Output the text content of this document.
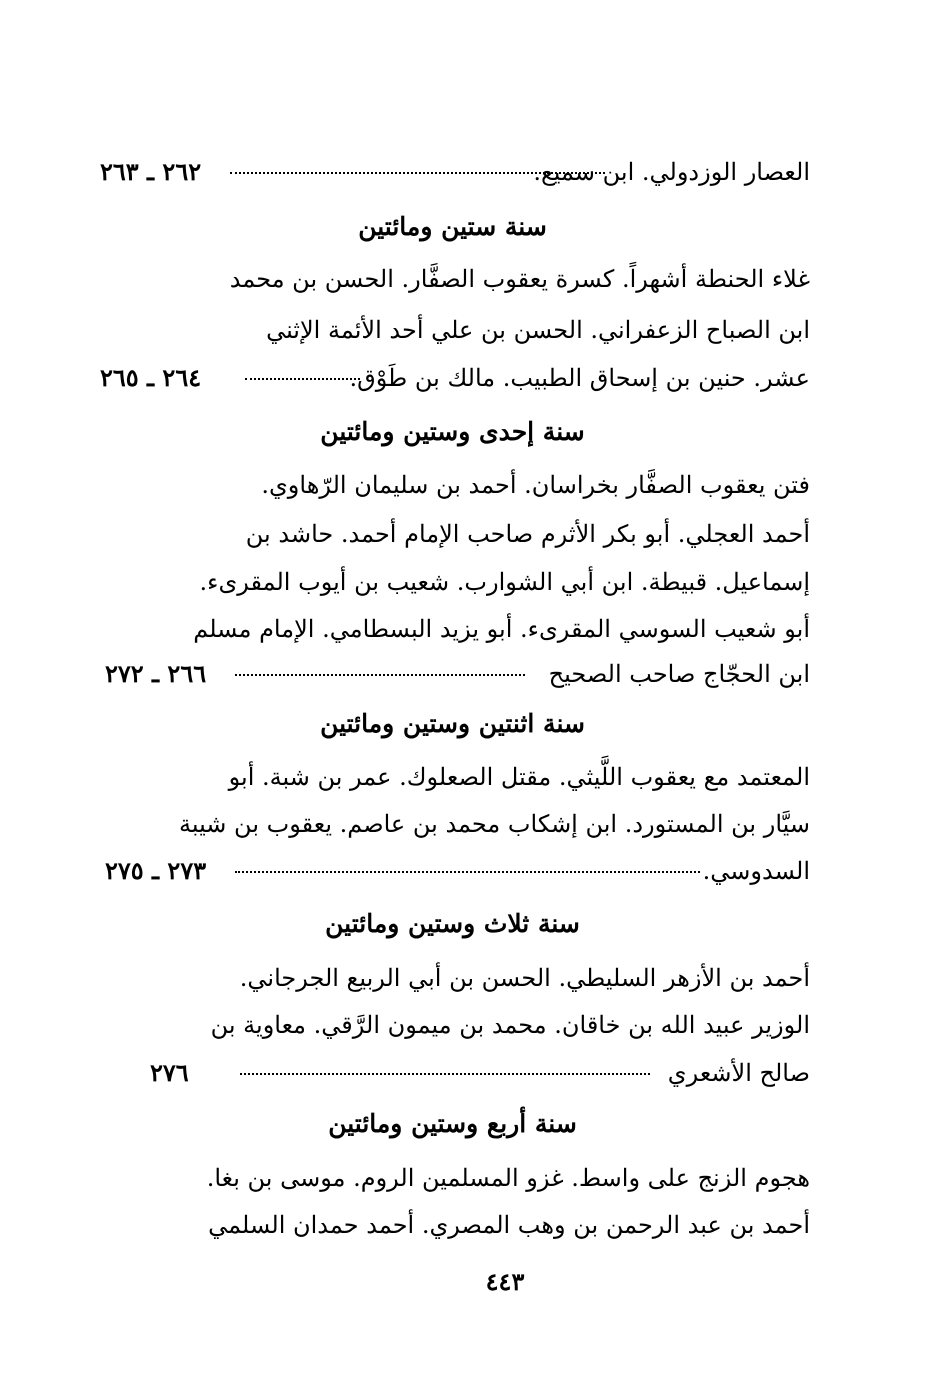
العصار الوزدولي. ابن سميع.
٢٦٢ ـ ٢٦٣
سنة ستين ومائتين
غلاء الحنطة أشهراً. كسرة يعقوب الصفَّار. الحسن بن محمد
ابن الصباح الزعفراني. الحسن بن علي أحد الأئمة الإثني
عشر. حنين بن إسحاق الطبيب. مالك بن طَوْق.
٢٦٤ ـ ٢٦٥
سنة إحدى وستين ومائتين
فتن يعقوب الصفَّار بخراسان. أحمد بن سليمان الرّهاوي.
أحمد العجلي. أبو بكر الأثرم صاحب الإمام أحمد. حاشد بن
إسماعيل. قبيطة. ابن أبي الشوارب. شعيب بن أيوب المقرىء.
أبو شعيب السوسي المقرىء. أبو يزيد البسطامي. الإمام مسلم
ابن الحجّاج صاحب الصحيح
٢٦٦ ـ ٢٧٢
سنة اثنتين وستين ومائتين
المعتمد مع يعقوب اللَّيثي. مقتل الصعلوك. عمر بن شبة. أبو
سيَّار بن المستورد. ابن إشكاب محمد بن عاصم. يعقوب بن شيبة
السدوسي.
٢٧٣ ـ ٢٧٥
سنة ثلاث وستين ومائتين
أحمد بن الأزهر السليطي. الحسن بن أبي الربيع الجرجاني.
الوزير عبيد الله بن خاقان. محمد بن ميمون الرَّقي. معاوية بن
صالح الأشعري
٢٧٦
سنة أربع وستين ومائتين
هجوم الزنج على واسط. غزو المسلمين الروم. موسى بن بغا.
أحمد بن عبد الرحمن بن وهب المصري. أحمد حمدان السلمي
٤٤٣
